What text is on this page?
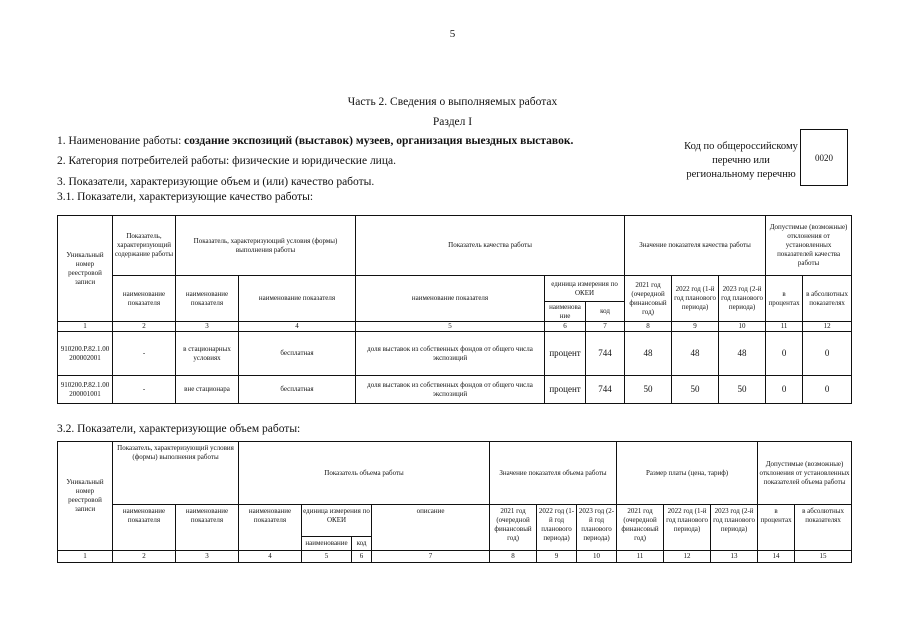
5
Часть 2. Сведения о выполняемых работах
Раздел I
1. Наименование работы: создание экспозиций (выставок) музеев, организация выездных выставок.
2. Категория потребителей работы: физические и юридические лица.
3. Показатели, характеризующие объем и (или) качество работы.
3.1. Показатели, характеризующие качество работы:
Код по общероссийскому перечню или региональному перечню
0020
Уникальный номер реестровой записи	Показатель, характеризующий содержание работы	Показатель, характеризующий условия (формы) выполнения работы		Показатель качества работы			Значение показателя качества работы			Допустимые (возможные) отклонения от установленных показателей качества работы	
	наименование показателя	наименование показателя	наименование показателя	наименование показателя	единица измерения по ОКЕИ		2021 год (очередной финансовый год)	2022 год (1-й год планового периода)	2023 год (2-й год планового периода)	в процентах	в абсолютных показателях
					наименова ние	код					
1	2	3	4	5	6	7	8	9	10	11	12
910200.Р.82.1.00 200002001	-	в стационарных условиях	бесплатная	доля выставок из собственных фондов от общего числа экспозиций	процент	744	48	48	48	0	0
910200.Р.82.1.00 200001001	-	вне стационара	бесплатная	доля выставок из собственных фондов от общего числа экспозиций	процент	744	50	50	50	0	0
3.2. Показатели, характеризующие объем работы:
Уникальный номер реестровой записи	Показатель, характеризующий условия (формы) выполнения работы		Показатель объема работы				Значение показателя объема работы			Размер платы (цена, тариф)			Допустимые (возможные) отклонения от установленных показателей объема работы	
	наименование показателя	наименование показателя	наименование показателя	единица измерения по ОКЕИ		описание	2021 год (очередной финансовый год)	2022 год (1-й год планового периода)	2023 год (2-й год планового периода)	2021 год (очередной финансовый год)	2022 год (1-й год планового периода)	2023 год (2-й год планового периода)	в процентах	в абсолютных показателях
				наименование	код									
1	2	3	4	5	6	7	8	9	10	11	12	13	14	15
